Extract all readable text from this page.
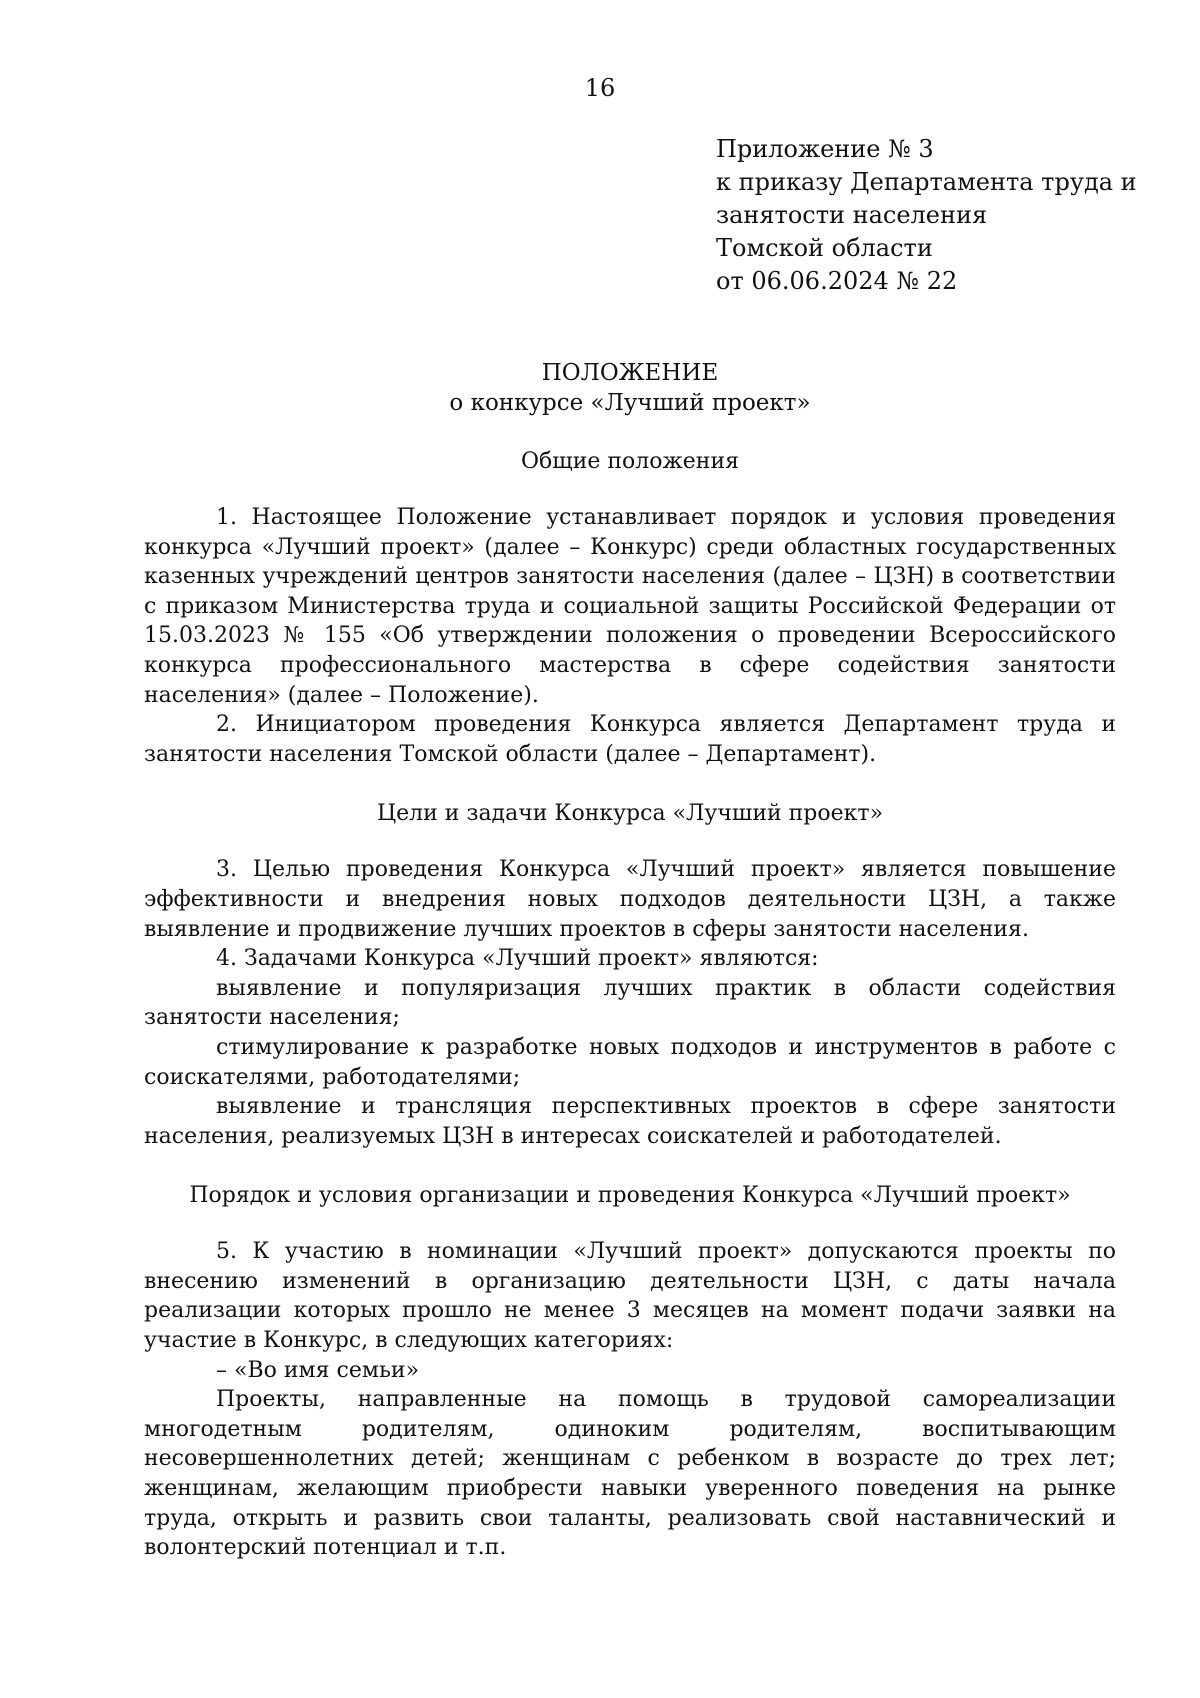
16
Приложение № 3
к приказу Департамента труда и
занятости населения
Томской области
от 06.06.2024 № 22
ПОЛОЖЕНИЕ
о конкурсе «Лучший проект»
Общие положения

1. Настоящее Положение устанавливает порядок и условия проведения конкурса «Лучший проект» (далее – Конкурс) среди областных государственных казенных учреждений центров занятости населения (далее – ЦЗН) в соответствии с приказом Министерства труда и социальной защиты Российской Федерации от 15.03.2023 № 155 «Об утверждении положения о проведении Всероссийского конкурса профессионального мастерства в сфере содействия занятости населения» (далее – Положение).

2. Инициатором проведения Конкурса является Департамент труда и занятости населения Томской области (далее – Департамент).

Цели и задачи Конкурса «Лучший проект»

3. Целью проведения Конкурса «Лучший проект» является повышение эффективности и внедрения новых подходов деятельности ЦЗН, а также выявление и продвижение лучших проектов в сферы занятости населения.

4. Задачами Конкурса «Лучший проект» являются:

выявление и популяризация лучших практик в области содействия занятости населения;

стимулирование к разработке новых подходов и инструментов в работе с соискателями, работодателями;

выявление и трансляция перспективных проектов в сфере занятости населения, реализуемых ЦЗН в интересах соискателей и работодателей.

Порядок и условия организации и проведения Конкурса «Лучший проект»

5. К участию в номинации «Лучший проект» допускаются проекты по внесению изменений в организацию деятельности ЦЗН, с даты начала реализации которых прошло не менее 3 месяцев на момент подачи заявки на участие в Конкурс, в следующих категориях:

– «Во имя семьи»

Проекты, направленные на помощь в трудовой самореализации многодетным родителям, одиноким родителям, воспитывающим несовершеннолетних детей; женщинам с ребенком в возрасте до трех лет; женщинам, желающим приобрести навыки уверенного поведения на рынке труда, открыть и развить свои таланты, реализовать свой наставнический и волонтерский потенциал и т.п.
